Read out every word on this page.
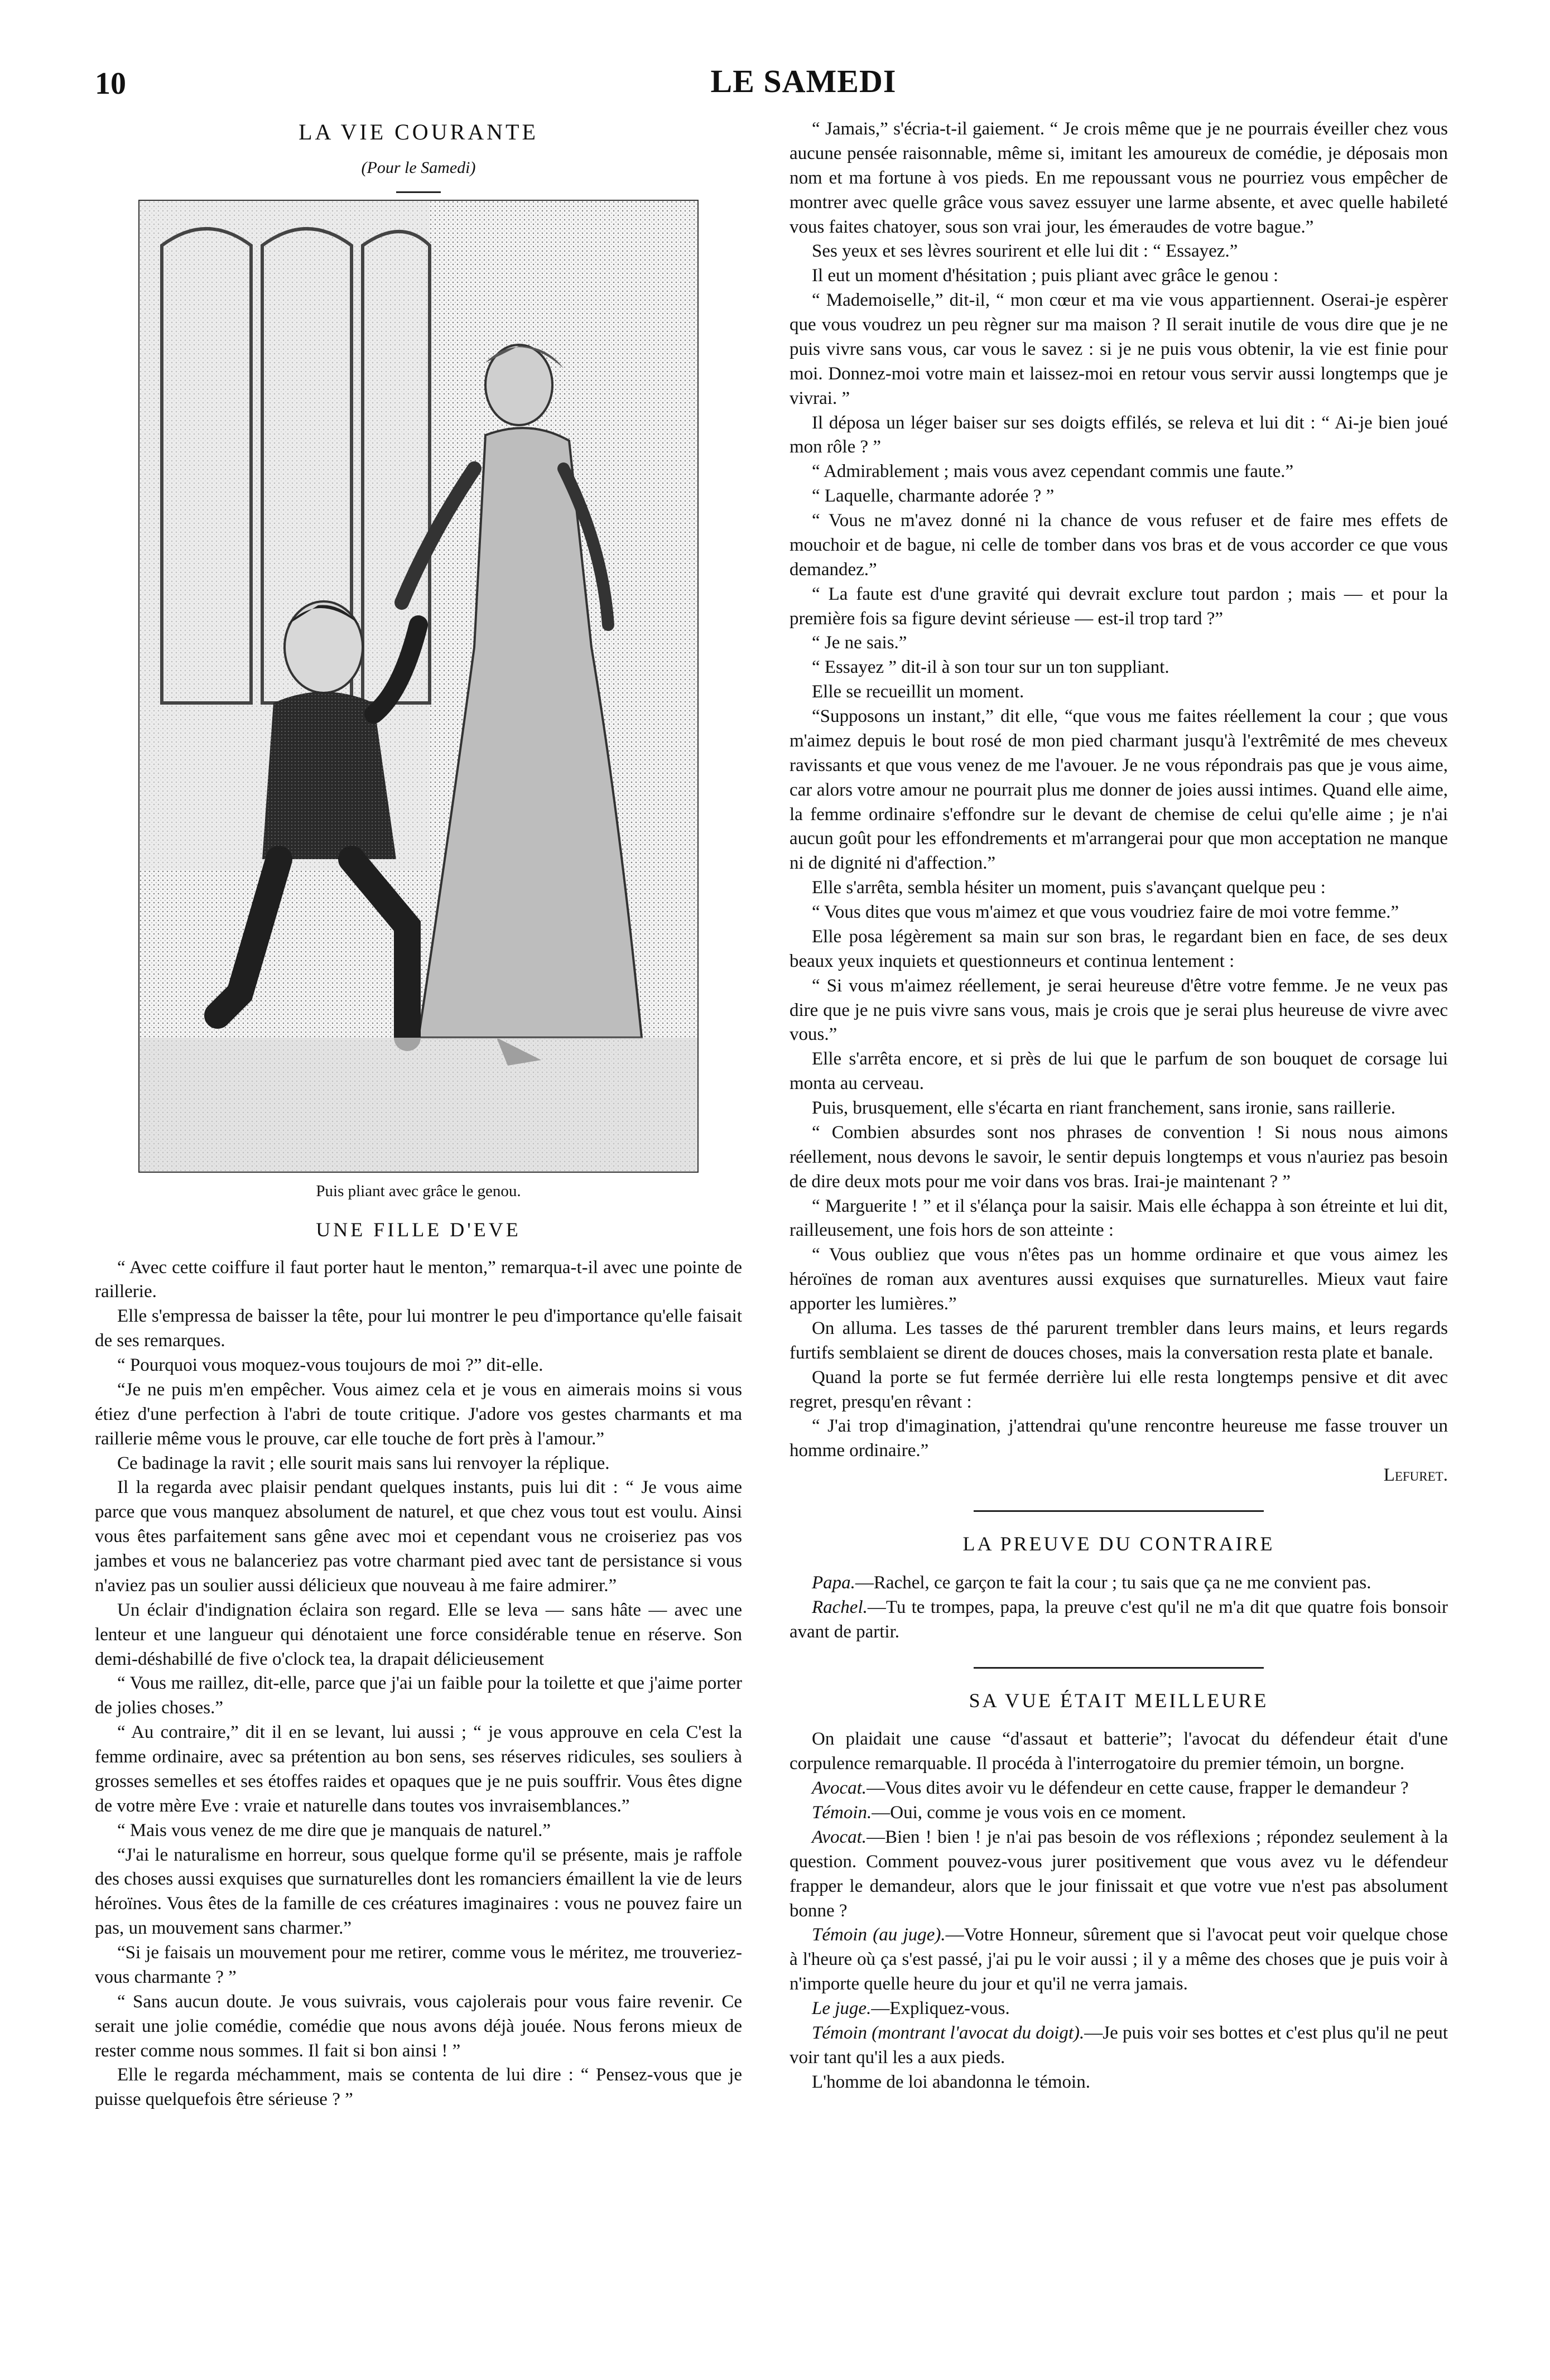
10	LE SAMEDI
LA VIE COURANTE
(Pour le Samedi)
Puis pliant avec grâce le genou.
UNE FILLE D'EVE

“ Avec cette coiffure il faut porter haut le menton,” remarqua-t-il avec une pointe de raillerie.

Elle s'empressa de baisser la tête, pour lui montrer le peu d'importance qu'elle faisait de ses remarques.

“ Pourquoi vous moquez-vous toujours de moi ?” dit-elle.

“Je ne puis m'en empêcher. Vous aimez cela et je vous en aimerais moins si vous étiez d'une perfection à l'abri de toute critique. J'adore vos gestes charmants et ma raillerie même vous le prouve, car elle touche de fort près à l'amour.”

Ce badinage la ravit ; elle sourit mais sans lui renvoyer la réplique.

Il la regarda avec plaisir pendant quelques instants, puis lui dit : “ Je vous aime parce que vous manquez absolument de naturel, et que chez vous tout est voulu. Ainsi vous êtes parfaitement sans gêne avec moi et cependant vous ne croiseriez pas vos jambes et vous ne balanceriez pas votre charmant pied avec tant de persistance si vous n'aviez pas un soulier aussi délicieux que nouveau à me faire admirer.”

Un éclair d'indignation éclaira son regard. Elle se leva — sans hâte — avec une lenteur et une langueur qui dénotaient une force considérable tenue en réserve. Son demi-déshabillé de five o'clock tea, la drapait délicieusement

“ Vous me raillez, dit-elle, parce que j'ai un faible pour la toilette et que j'aime porter de jolies choses.”

“ Au contraire,” dit il en se levant, lui aussi ; “ je vous approuve en cela C'est la femme ordinaire, avec sa prétention au bon sens, ses réserves ridicules, ses souliers à grosses semelles et ses étoffes raides et opaques que je ne puis souffrir. Vous êtes digne de votre mère Eve : vraie et naturelle dans toutes vos invraisemblances.”

“ Mais vous venez de me dire que je manquais de naturel.”

“J'ai le naturalisme en horreur, sous quelque forme qu'il se présente, mais je raffole des choses aussi exquises que surnaturelles dont les romanciers émaillent la vie de leurs héroïnes. Vous êtes de la famille de ces créatures imaginaires : vous ne pouvez faire un pas, un mouvement sans charmer.”

“Si je faisais un mouvement pour me retirer, comme vous le méritez, me trouveriez-vous charmante ? ”

“ Sans aucun doute. Je vous suivrais, vous cajolerais pour vous faire revenir. Ce serait une jolie comédie, comédie que nous avons déjà jouée. Nous ferons mieux de rester comme nous sommes. Il fait si bon ainsi ! ”

Elle le regarda méchamment, mais se contenta de lui dire : “ Pensez-vous que je puisse quelquefois être sérieuse ? ”

“ Jamais,” s'écria-t-il gaiement. “ Je crois même que je ne pourrais éveiller chez vous aucune pensée raisonnable, même si, imitant les amoureux de comédie, je déposais mon nom et ma fortune à vos pieds. En me repoussant vous ne pourriez vous empêcher de montrer avec quelle grâce vous savez essuyer une larme absente, et avec quelle habileté vous faites chatoyer, sous son vrai jour, les émeraudes de votre bague.”

Ses yeux et ses lèvres sourirent et elle lui dit : “ Essayez.”

Il eut un moment d'hésitation ; puis pliant avec grâce le genou :

“ Mademoiselle,” dit-il, “ mon cœur et ma vie vous appartiennent. Oserai-je espèrer que vous voudrez un peu règner sur ma maison ? Il serait inutile de vous dire que je ne puis vivre sans vous, car vous le savez : si je ne puis vous obtenir, la vie est finie pour moi. Donnez-moi votre main et laissez-moi en retour vous servir aussi longtemps que je vivrai. ”

Il déposa un léger baiser sur ses doigts effilés, se releva et lui dit : “ Ai-je bien joué mon rôle ? ”

“ Admirablement ; mais vous avez cependant commis une faute.”

“ Laquelle, charmante adorée ? ”

“ Vous ne m'avez donné ni la chance de vous refuser et de faire mes effets de mouchoir et de bague, ni celle de tomber dans vos bras et de vous accorder ce que vous demandez.”

“ La faute est d'une gravité qui devrait exclure tout pardon ; mais — et pour la première fois sa figure devint sérieuse — est-il trop tard ?”

“ Je ne sais.”

“ Essayez ” dit-il à son tour sur un ton suppliant.

Elle se recueillit un moment.

“Supposons un instant,” dit elle, “que vous me faites réellement la cour ; que vous m'aimez depuis le bout rosé de mon pied charmant jusqu'à l'extrêmité de mes cheveux ravissants et que vous venez de me l'avouer. Je ne vous répondrais pas que je vous aime, car alors votre amour ne pourrait plus me donner de joies aussi intimes. Quand elle aime, la femme ordinaire s'effondre sur le devant de chemise de celui qu'elle aime ; je n'ai aucun goût pour les effondrements et m'arrangerai pour que mon acceptation ne manque ni de dignité ni d'affection.”

Elle s'arrêta, sembla hésiter un moment, puis s'avançant quelque peu :

“ Vous dites que vous m'aimez et que vous voudriez faire de moi votre femme.”

Elle posa légèrement sa main sur son bras, le regardant bien en face, de ses deux beaux yeux inquiets et questionneurs et continua lentement :

“ Si vous m'aimez réellement, je serai heureuse d'être votre femme. Je ne veux pas dire que je ne puis vivre sans vous, mais je crois que je serai plus heureuse de vivre avec vous.”

Elle s'arrêta encore, et si près de lui que le parfum de son bouquet de corsage lui monta au cerveau.

Puis, brusquement, elle s'écarta en riant franchement, sans ironie, sans raillerie.

“ Combien absurdes sont nos phrases de convention ! Si nous nous aimons réellement, nous devons le savoir, le sentir depuis longtemps et vous n'auriez pas besoin de dire deux mots pour me voir dans vos bras. Irai-je maintenant ? ”

“ Marguerite ! ” et il s'élança pour la saisir. Mais elle échappa à son étreinte et lui dit, railleusement, une fois hors de son atteinte :

“ Vous oubliez que vous n'êtes pas un homme ordinaire et que vous aimez les héroïnes de roman aux aventures aussi exquises que surnaturelles. Mieux vaut faire apporter les lumières.”

On alluma. Les tasses de thé parurent trembler dans leurs mains, et leurs regards furtifs semblaient se dirent de douces choses, mais la conversation resta plate et banale.

Quand la porte se fut fermée derrière lui elle resta longtemps pensive et dit avec regret, presqu'en rêvant :

“ J'ai trop d'imagination, j'attendrai qu'une rencontre heureuse me fasse trouver un homme ordinaire.”

Lefuret.
LA PREUVE DU CONTRAIRE

Papa.—Rachel, ce garçon te fait la cour ; tu sais que ça ne me convient pas.

Rachel.—Tu te trompes, papa, la preuve c'est qu'il ne m'a dit que quatre fois bonsoir avant de partir.

SA VUE ÉTAIT MEILLEURE

On plaidait une cause “d'assaut et batterie”; l'avocat du défendeur était d'une corpulence remarquable. Il procéda à l'interrogatoire du premier témoin, un borgne.

Avocat.—Vous dites avoir vu le défendeur en cette cause, frapper le demandeur ?

Témoin.—Oui, comme je vous vois en ce moment.

Avocat.—Bien ! bien ! je n'ai pas besoin de vos réflexions ; répondez seulement à la question. Comment pouvez-vous jurer positivement que vous avez vu le défendeur frapper le demandeur, alors que le jour finissait et que votre vue n'est pas absolument bonne ?

Témoin (au juge).—Votre Honneur, sûrement que si l'avocat peut voir quelque chose à l'heure où ça s'est passé, j'ai pu le voir aussi ; il y a même des choses que je puis voir à n'importe quelle heure du jour et qu'il ne verra jamais.

Le juge.—Expliquez-vous.

Témoin (montrant l'avocat du doigt).—Je puis voir ses bottes et c'est plus qu'il ne peut voir tant qu'il les a aux pieds.

L'homme de loi abandonna le témoin.
